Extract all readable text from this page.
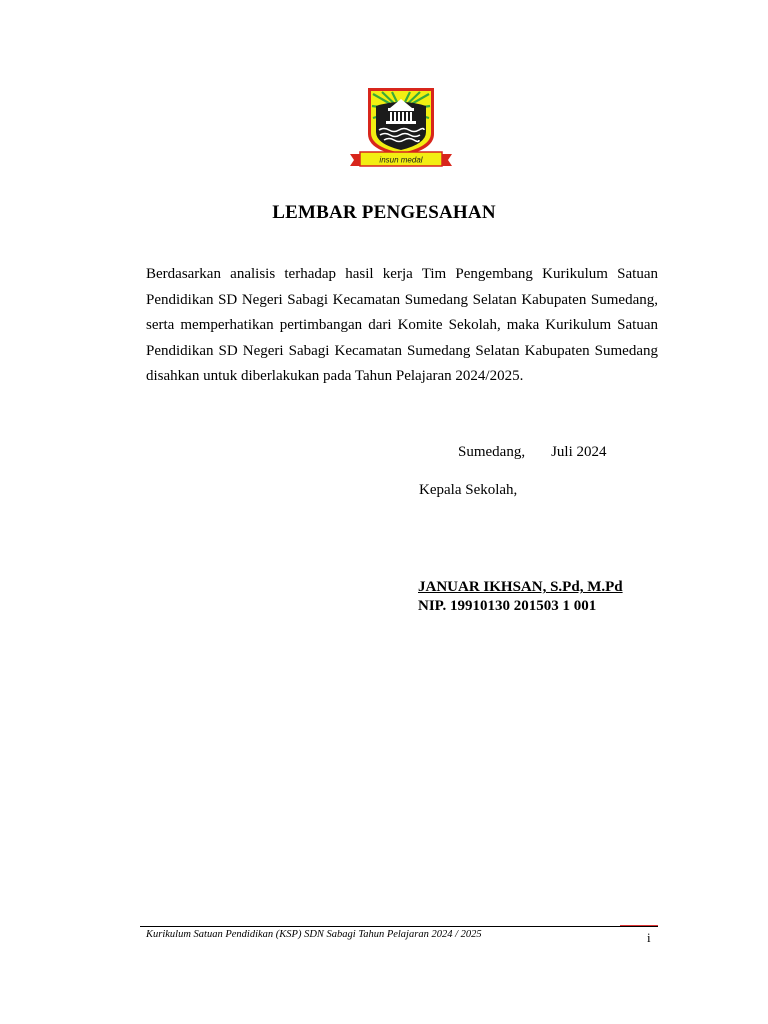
insun medal
LEMBAR PENGESAHAN
Berdasarkan analisis terhadap hasil kerja Tim Pengembang Kurikulum Satuan Pendidikan SD Negeri Sabagi Kecamatan Sumedang Selatan Kabupaten Sumedang, serta memperhatikan pertimbangan dari Komite Sekolah, maka Kurikulum Satuan Pendidikan SD Negeri Sabagi Kecamatan Sumedang Selatan Kabupaten Sumedang disahkan untuk diberlakukan pada Tahun Pelajaran 2024/2025.
Sumedang, Juli 2024
Kepala Sekolah,
JANUAR IKHSAN, S.Pd, M.Pd
NIP. 19910130 201503 1 001
Kurikulum Satuan Pendidikan (KSP) SDN Sabagi Tahun Pelajaran 2024 / 2025	i
